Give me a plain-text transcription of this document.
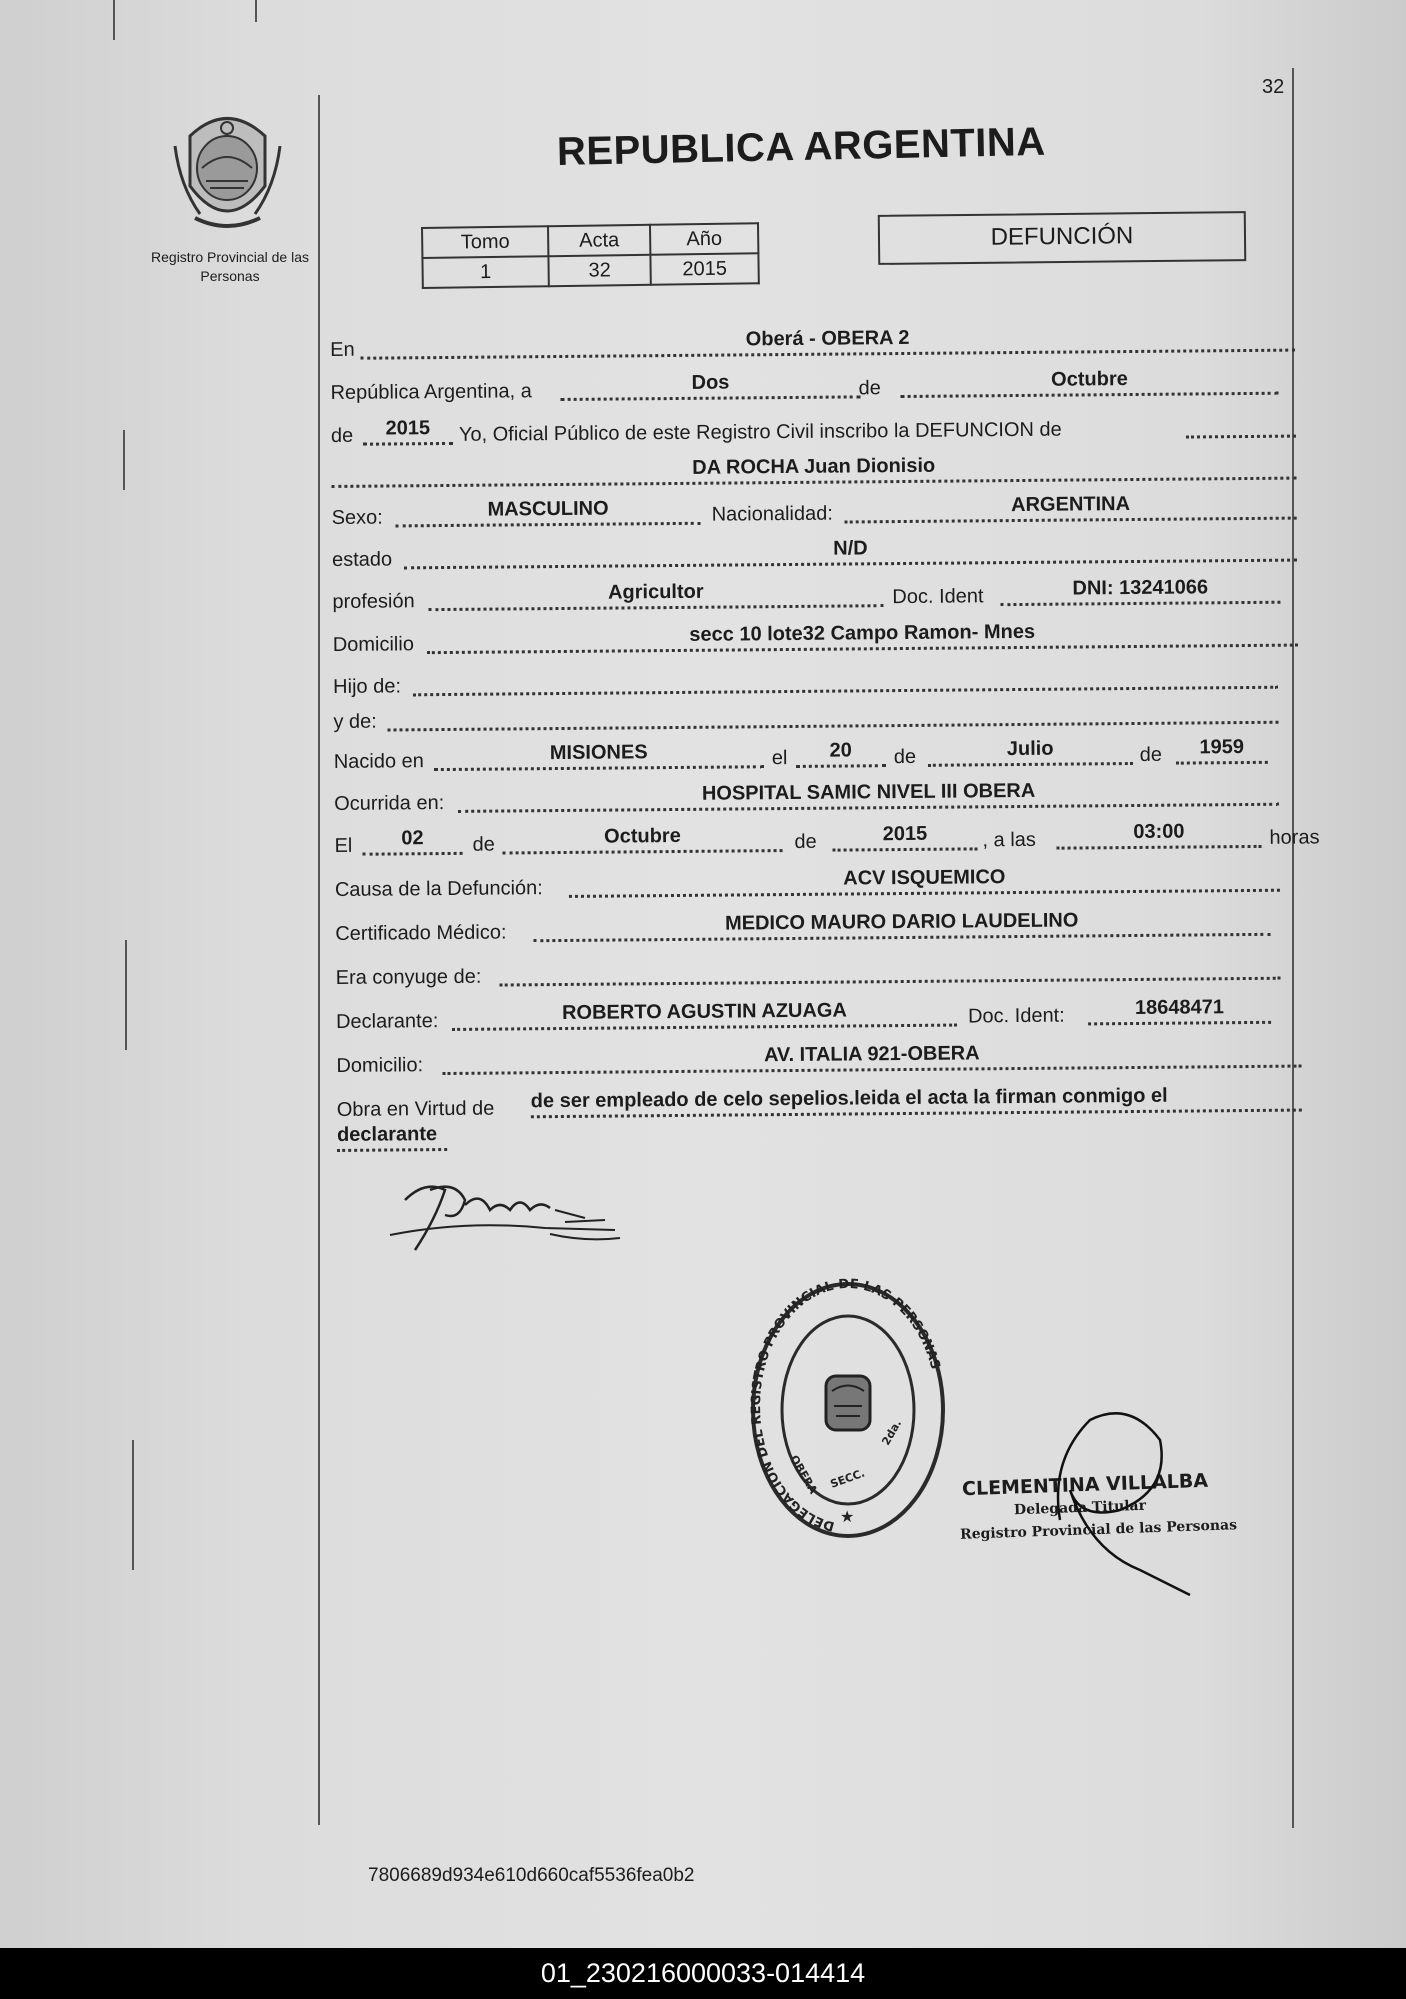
32
Registro Provincial de las Personas
REPUBLICA ARGENTINA
Tomo	Acta	Año
1	32	2015
DEFUNCIÓN
En	Oberá - OBERA 2
República Argentina, a	Dos	de	Octubre
de	2015	Yo, Oficial Público de este Registro Civil inscribo la DEFUNCION de
DA ROCHA Juan Dionisio
Sexo:	MASCULINO	Nacionalidad:	ARGENTINA
estado
N/D
profesión	Agricultor	Doc. Ident	DNI: 13241066
Domicilio	secc 10 lote32 Campo Ramon- Mnes
Hijo de:
y de:
Nacido en	MISIONES	el	20	de	Julio	de	1959
Ocurrida en:	HOSPITAL SAMIC NIVEL III OBERA
El	02	de	Octubre	de	2015	, a las	03:00	horas
Causa de la Defunción:	ACV ISQUEMICO
Certificado Médico:	MEDICO MAURO DARIO LAUDELINO
Era conyuge de:
Declarante:	ROBERTO AGUSTIN AZUAGA	Doc. Ident:	18648471
Domicilio:	AV. ITALIA 921-OBERA
Obra en Virtud de de ser empleado de celo sepelios.leida el acta la firman conmigo el
declarante
DELEGACION DEL REGISTRO PROVINCIAL DE LAS PERSONAS
OBERA
2da.
SECC.
★
CLEMENTINA VILLALBA
Delegada Titular
Registro Provincial de las Personas
7806689d934e610d660caf5536fea0b2
01_230216000033-014414
